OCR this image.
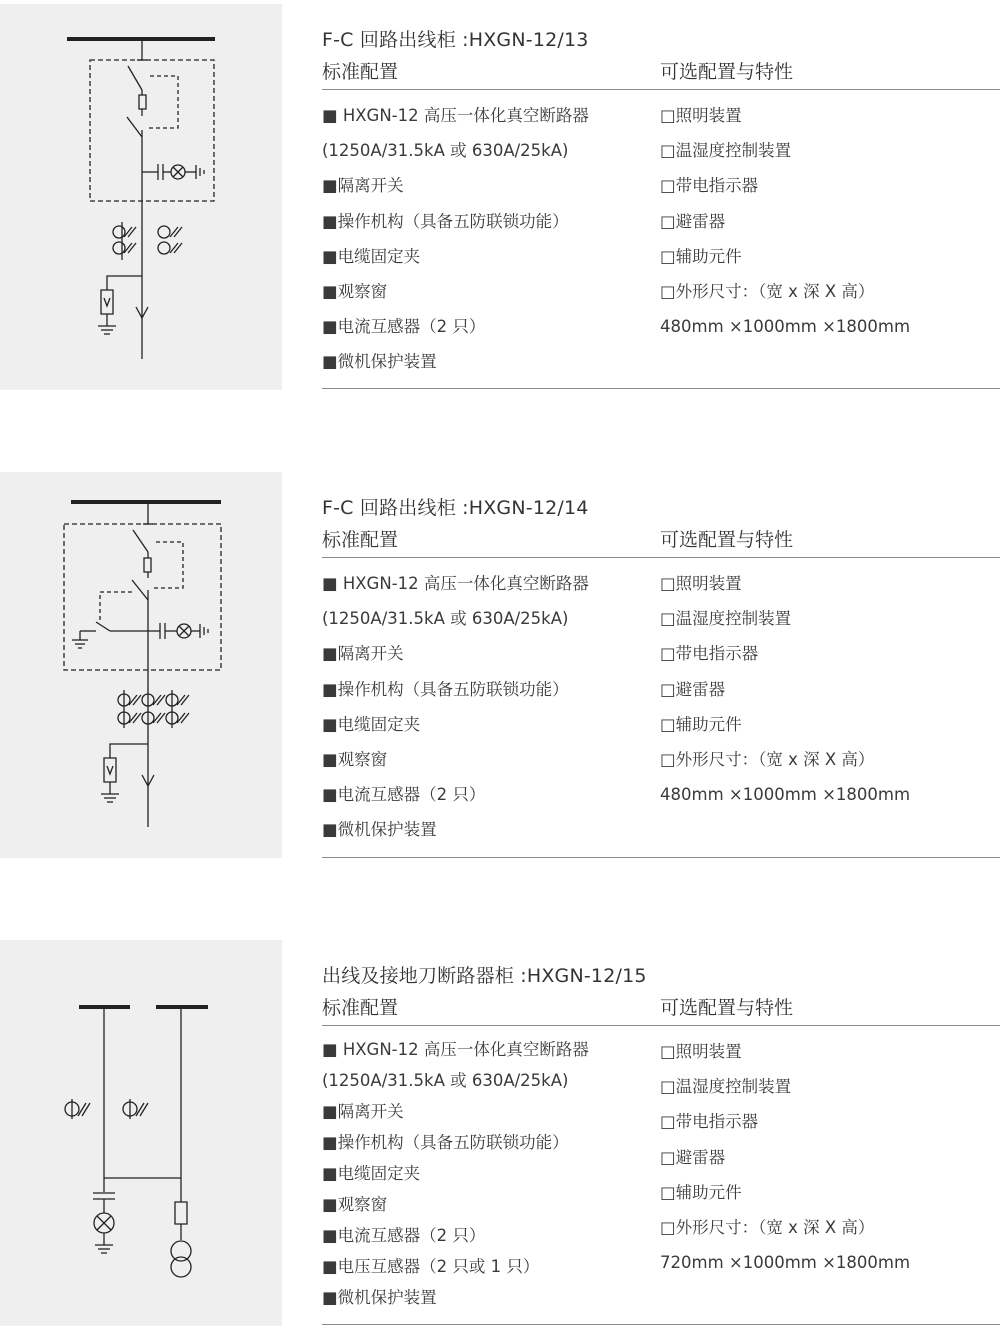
F-C 回路出线柜 :HXGN-12/13
标准配置	可选配置与特性
■ HXGN-12 高压一体化真空断路器
(1250A/31.5kA 或 630A/25kA)
■隔离开关
■操作机构（具备五防联锁功能）
■电缆固定夹
■观察窗
■电流互感器（2 只）
■微机保护装置
□照明装置
□温湿度控制装置
□带电指示器
□避雷器
□辅助元件
□外形尺寸：（宽 x 深 X 高）
480mm ×1000mm ×1800mm
F-C 回路出线柜 :HXGN-12/14
标准配置	可选配置与特性
■ HXGN-12 高压一体化真空断路器
(1250A/31.5kA 或 630A/25kA)
■隔离开关
■操作机构（具备五防联锁功能）
■电缆固定夹
■观察窗
■电流互感器（2 只）
■微机保护装置
□照明装置
□温湿度控制装置
□带电指示器
□避雷器
□辅助元件
□外形尺寸：（宽 x 深 X 高）
480mm ×1000mm ×1800mm
出线及接地刀断路器柜 :HXGN-12/15
标准配置	可选配置与特性
■ HXGN-12 高压一体化真空断路器
(1250A/31.5kA 或 630A/25kA)
■隔离开关
■操作机构（具备五防联锁功能）
■电缆固定夹
■观察窗
■电流互感器（2 只）
■电压互感器（2 只或 1 只）
■微机保护装置
□照明装置
□温湿度控制装置
□带电指示器
□避雷器
□辅助元件
□外形尺寸：（宽 x 深 X 高）
720mm ×1000mm ×1800mm
